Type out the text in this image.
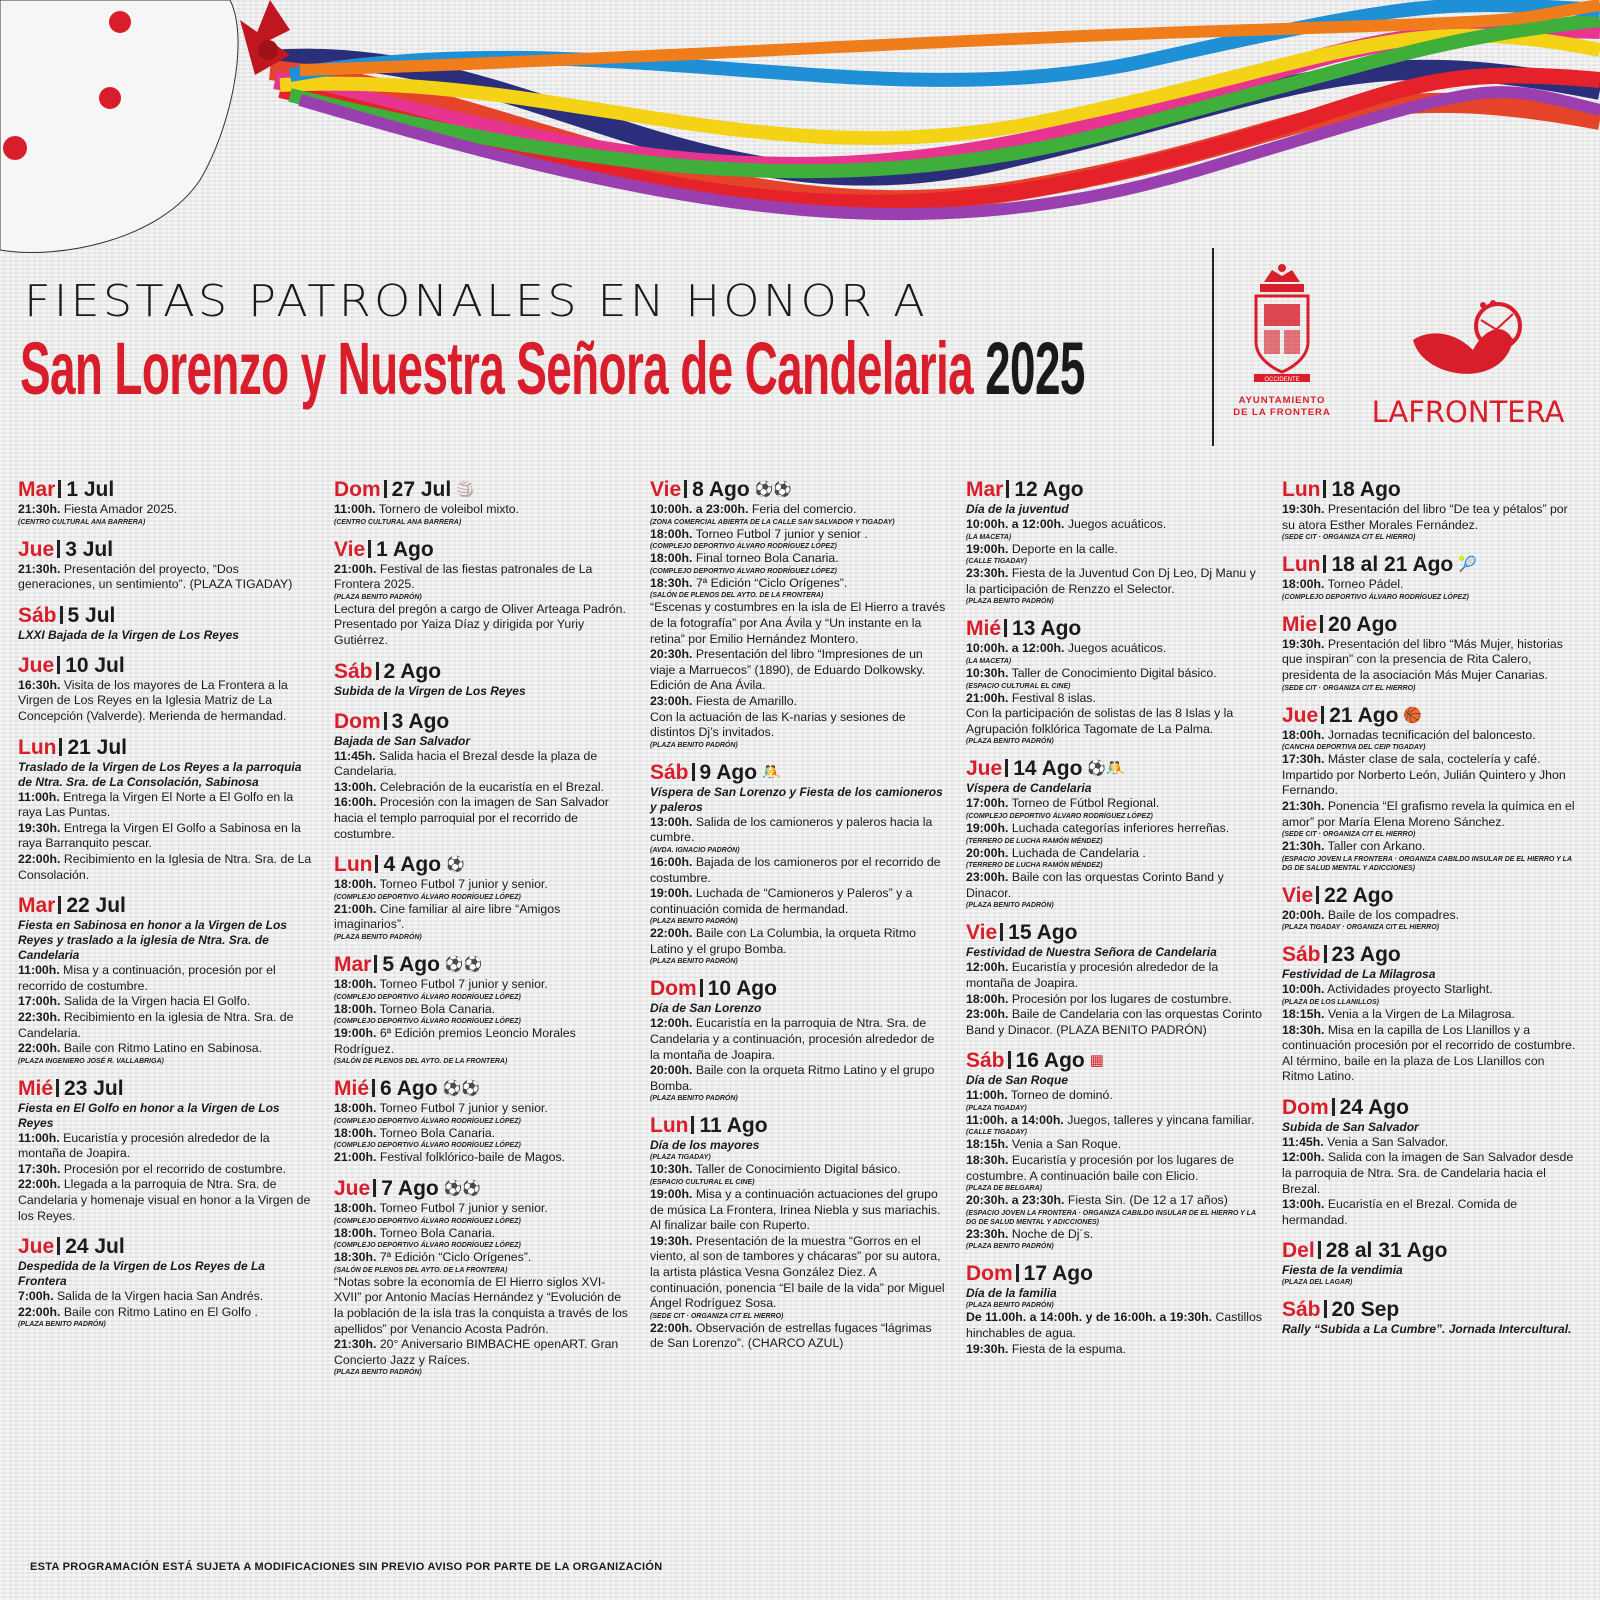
FIESTAS PATRONALES EN HONOR A
San Lorenzo y Nuestra Señora de Candelaria 2025	OCCIDENTE
AYUNTAMIENTO DE LA FRONTERA LAFRONTERA
Mar 1 Jul
21:30h. Fiesta Amador 2025.
(CENTRO CULTURAL ANA BARRERA)
Jue 3 Jul
21:30h. Presentación del proyecto, “Dos generaciones, un sentimiento”. (PLAZA TIGADAY)
Sáb 5 Jul
LXXI Bajada de la Virgen de Los Reyes
Jue 10 Jul
16:30h. Visita de los mayores de La Frontera a la Virgen de Los Reyes en la Iglesia Matriz de La Concepción (Valverde). Merienda de hermandad.
Lun 21 Jul
Traslado de la Virgen de Los Reyes a la parroquia de Ntra. Sra. de La Consolación, Sabinosa
11:00h. Entrega la Virgen El Norte a El Golfo en la raya Las Puntas.
19:30h. Entrega la Virgen El Golfo a Sabinosa en la raya Barranquito pescar.
22:00h. Recibimiento en la Iglesia de Ntra. Sra. de La Consolación.
Mar 22 Jul
Fiesta en Sabinosa en honor a la Virgen de Los Reyes y traslado a la iglesia de Ntra. Sra. de Candelaria
11:00h. Misa y a continuación, procesión por el recorrido de costumbre.
17:00h. Salida de la Virgen hacia El Golfo.
22:30h. Recibimiento en la iglesia de Ntra. Sra. de Candelaria.
22:00h. Baile con Ritmo Latino en Sabinosa.
(PLAZA INGENIERO JOSÉ R. VALLABRIGA)
Mié 23 Jul
Fiesta en El Golfo en honor a la Virgen de Los Reyes
11:00h. Eucaristía y procesión alrededor de la montaña de Joapira.
17:30h. Procesión por el recorrido de costumbre.
22:00h. Llegada a la parroquia de Ntra. Sra. de Candelaria y homenaje visual en honor a la Virgen de los Reyes.
Jue 24 Jul
Despedida de la Virgen de Los Reyes de La Frontera
7:00h. Salida de la Virgen hacia San Andrés.
22:00h. Baile con Ritmo Latino en El Golfo .
(PLAZA BENITO PADRÓN)
Dom 27 Jul 🏐
11:00h. Tornero de voleibol mixto.
(CENTRO CULTURAL ANA BARRERA)
Vie 1 Ago
21:00h. Festival de las fiestas patronales de La Frontera 2025.
(PLAZA BENITO PADRÓN)
Lectura del pregón a cargo de Oliver Arteaga Padrón. Presentado por Yaiza Díaz y dirigida por Yuriy Gutiérrez.
Sáb 2 Ago
Subida de la Virgen de Los Reyes
Dom 3 Ago
Bajada de San Salvador
11:45h. Salida hacia el Brezal desde la plaza de Candelaria.
13:00h. Celebración de la eucaristía en el Brezal.
16:00h. Procesión con la imagen de San Salvador hacia el templo parroquial por el recorrido de costumbre.
Lun 4 Ago ⚽
18:00h. Torneo Futbol 7 junior y senior.
(COMPLEJO DEPORTIVO ÁLVARO RODRÍGUEZ LÓPEZ)
21:00h. Cine familiar al aire libre “Amigos imaginarios”.
(PLAZA BENITO PADRÓN)
Mar 5 Ago ⚽⚽
18:00h. Torneo Futbol 7 junior y senior.
(COMPLEJO DEPORTIVO ÁLVARO RODRÍGUEZ LÓPEZ)
18:00h. Torneo Bola Canaria.
(COMPLEJO DEPORTIVO ÁLVARO RODRÍGUEZ LÓPEZ)
19:00h. 6ª Edición premios Leoncio Morales Rodríguez.
(SALÓN DE PLENOS DEL AYTO. DE LA FRONTERA)
Mié 6 Ago ⚽⚽
18:00h. Torneo Futbol 7 junior y senior.
(COMPLEJO DEPORTIVO ÁLVARO RODRÍGUEZ LÓPEZ)
18:00h. Torneo Bola Canaria.
(COMPLEJO DEPORTIVO ÁLVARO RODRÍGUEZ LÓPEZ)
21:00h. Festival folklórico-baile de Magos.
Jue 7 Ago ⚽⚽
18:00h. Torneo Futbol 7 junior y senior.
(COMPLEJO DEPORTIVO ÁLVARO RODRÍGUEZ LÓPEZ)
18:00h. Torneo Bola Canaria.
(COMPLEJO DEPORTIVO ÁLVARO RODRÍGUEZ LÓPEZ)
18:30h. 7ª Edición “Ciclo Orígenes”.
(SALÓN DE PLENOS DEL AYTO. DE LA FRONTERA)
“Notas sobre la economía de El Hierro siglos XVI-XVII” por Antonio Macías Hernández y “Evolución de la población de la isla tras la conquista a través de los apellidos” por Venancio Acosta Padrón.
21:30h. 20° Aniversario BIMBACHE openART. Gran Concierto Jazz y Raíces.
(PLAZA BENITO PADRÓN)
Vie 8 Ago ⚽⚽
10:00h. a 23:00h. Feria del comercio.
(ZONA COMERCIAL ABIERTA DE LA CALLE SAN SALVADOR Y TIGADAY)
18:00h. Torneo Futbol 7 junior y senior .
(COMPLEJO DEPORTIVO ÁLVARO RODRÍGUEZ LÓPEZ)
18:00h. Final torneo Bola Canaria.
(COMPLEJO DEPORTIVO ÁLVARO RODRÍGUEZ LÓPEZ)
18:30h. 7ª Edición “Ciclo Orígenes”.
(SALÓN DE PLENOS DEL AYTO. DE LA FRONTERA)
“Escenas y costumbres en la isla de El Hierro a través de la fotografía” por Ana Ávila y “Un instante en la retina” por Emilio Hernández Montero.
20:30h. Presentación del libro “Impresiones de un viaje a Marruecos” (1890), de Eduardo Dolkowsky. Edición de Ana Ávila.
23:00h. Fiesta de Amarillo.
Con la actuación de las K-narias y sesiones de distintos Dj’s invitados.
(PLAZA BENITO PADRÓN)
Sáb 9 Ago 🤼
Víspera de San Lorenzo y Fiesta de los camioneros y paleros
13:00h. Salida de los camioneros y paleros hacia la cumbre.
(AVDA. IGNACIO PADRÓN)
16:00h. Bajada de los camioneros por el recorrido de costumbre.
19:00h. Luchada de “Camioneros y Paleros” y a continuación comida de hermandad.
(PLAZA BENITO PADRÓN)
22:00h. Baile con La Columbia, la orqueta Ritmo Latino y el grupo Bomba.
(PLAZA BENITO PADRÓN)
Dom 10 Ago
Día de San Lorenzo
12:00h. Eucaristía en la parroquia de Ntra. Sra. de Candelaria y a continuación, procesión alrededor de la montaña de Joapira.
20:00h. Baile con la orqueta Ritmo Latino y el grupo Bomba.
(PLAZA BENITO PADRÓN)
Lun 11 Ago
Día de los mayores
(PLAZA TIGADAY)
10:30h. Taller de Conocimiento Digital básico.
(ESPACIO CULTURAL EL CINE)
19:00h. Misa y a continuación actuaciones del grupo de música La Frontera, Irinea Niebla y sus mariachis. Al finalizar baile con Ruperto.
19:30h. Presentación de la muestra “Gorros en el viento, al son de tambores y chácaras” por su autora, la artista plástica Vesna González Diez. A continuación, ponencia “El baile de la vida” por Miguel Ángel Rodríguez Sosa.
(SEDE CIT · ORGANIZA CIT EL HIERRO)
22:00h. Observación de estrellas fugaces “lágrimas de San Lorenzo”. (CHARCO AZUL)
Mar 12 Ago
Día de la juventud
10:00h. a 12:00h. Juegos acuáticos.
(LA MACETA)
19:00h. Deporte en la calle.
(CALLE TIGADAY)
23:30h. Fiesta de la Juventud Con Dj Leo, Dj Manu y la participación de Renzzo el Selector.
(PLAZA BENITO PADRÓN)
Mié 13 Ago
10:00h. a 12:00h. Juegos acuáticos.
(LA MACETA)
10:30h. Taller de Conocimiento Digital básico.
(ESPACIO CULTURAL EL CINE)
21:00h. Festival 8 islas.
Con la participación de solistas de las 8 Islas y la Agrupación folklórica Tagomate de La Palma.
(PLAZA BENITO PADRÓN)
Jue 14 Ago ⚽🤼
Víspera de Candelaria
17:00h. Torneo de Fútbol Regional.
(COMPLEJO DEPORTIVO ÁLVARO RODRÍGUEZ LÓPEZ)
19:00h. Luchada categorías inferiores herreñas.
(TERRERO DE LUCHA RAMÓN MÉNDEZ)
20:00h. Luchada de Candelaria .
(TERRERO DE LUCHA RAMÓN MÉNDEZ)
23:00h. Baile con las orquestas Corinto Band y Dinacor.
(PLAZA BENITO PADRÓN)
Vie 15 Ago
Festividad de Nuestra Señora de Candelaria
12:00h. Eucaristía y procesión alrededor de la montaña de Joapira.
18:00h. Procesión por los lugares de costumbre.
23:00h. Baile de Candelaria con las orquestas Corinto Band y Dinacor. (PLAZA BENITO PADRÓN)
Sáb 16 Ago ▦
Día de San Roque
11:00h. Torneo de dominó.
(PLAZA TIGADAY)
11:00h. a 14:00h. Juegos, talleres y yincana familiar.
(CALLE TIGADAY)
18:15h. Venia a San Roque.
18:30h. Eucaristía y procesión por los lugares de costumbre. A continuación baile con Elicio.
(PLAZA DE BELGARA)
20:30h. a 23:30h. Fiesta Sin. (De 12 a 17 años)
(ESPACIO JOVEN LA FRONTERA · ORGANIZA CABILDO INSULAR DE EL HIERRO Y LA DG DE SALUD MENTAL Y ADICCIONES)
23:30h. Noche de Dj´s.
(PLAZA BENITO PADRÓN)
Dom 17 Ago
Día de la familia
(PLAZA BENITO PADRÓN)
De 11.00h. a 14:00h. y de 16:00h. a 19:30h. Castillos hinchables de agua.
19:30h. Fiesta de la espuma.
Lun 18 Ago
19:30h. Presentación del libro “De tea y pétalos” por su atora Esther Morales Fernández.
(SEDE CIT · ORGANIZA CIT EL HIERRO)
Lun 18 al 21 Ago 🎾
18:00h. Torneo Pádel.
(COMPLEJO DEPORTIVO ÁLVARO RODRÍGUEZ LÓPEZ)
Mie 20 Ago
19:30h. Presentación del libro “Más Mujer, historias que inspiran” con la presencia de Rita Calero, presidenta de la asociación Más Mujer Canarias.
(SEDE CIT · ORGANIZA CIT EL HIERRO)
Jue 21 Ago 🏀
18:00h. Jornadas tecnificación del baloncesto.
(CANCHA DEPORTIVA DEL CEIP TIGADAY)
17:30h. Máster clase de sala, coctelería y café. Impartido por Norberto León, Julián Quintero y Jhon Fernando.
21:30h. Ponencia “El grafismo revela la química en el amor” por María Elena Moreno Sánchez.
(SEDE CIT · ORGANIZA CIT EL HIERRO)
21:30h. Taller con Arkano.
(ESPACIO JOVEN LA FRONTERA · ORGANIZA CABILDO INSULAR DE EL HIERRO Y LA DG DE SALUD MENTAL Y ADICCIONES)
Vie 22 Ago
20:00h. Baile de los compadres.
(PLAZA TIGADAY · ORGANIZA CIT EL HIERRO)
Sáb 23 Ago
Festividad de La Milagrosa
10:00h. Actividades proyecto Starlight.
(PLAZA DE LOS LLANILLOS)
18:15h. Venia a la Virgen de La Milagrosa.
18:30h. Misa en la capilla de Los Llanillos y a continuación procesión por el recorrido de costumbre. Al término, baile en la plaza de Los Llanillos con Ritmo Latino.
Dom 24 Ago
Subida de San Salvador
11:45h. Venia a San Salvador.
12:00h. Salida con la imagen de San Salvador desde la parroquia de Ntra. Sra. de Candelaria hacia el Brezal.
13:00h. Eucaristía en el Brezal. Comida de hermandad.
Del 28 al 31 Ago
Fiesta de la vendimia
(PLAZA DEL LAGAR)
Sáb 20 Sep
Rally “Subida a La Cumbre”. Jornada Intercultural.
ESTA PROGRAMACIÓN ESTÁ SUJETA A MODIFICACIONES SIN PREVIO AVISO POR PARTE DE LA ORGANIZACIÓN
